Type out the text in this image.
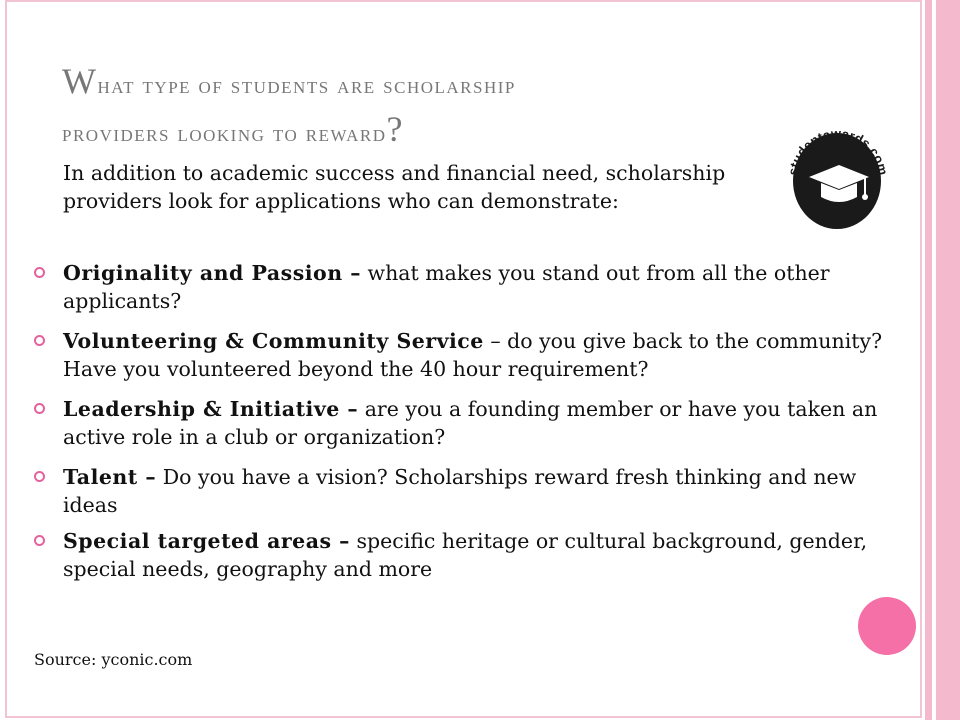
What type of students are scholarship
providers looking to reward?
In addition to academic success and financial need, scholarship providers look for applications who can demonstrate:
studentawards.com
Originality and Passion – what makes you stand out from all the other applicants?
Volunteering & Community Service – do you give back to the community? Have you volunteered beyond the 40 hour requirement?
Leadership & Initiative – are you a founding member or have you taken an active role in a club or organization?
Talent – Do you have a vision? Scholarships reward fresh thinking and new ideas
Special targeted areas – specific heritage or cultural background, gender, special needs, geography and more
Source: yconic.com
